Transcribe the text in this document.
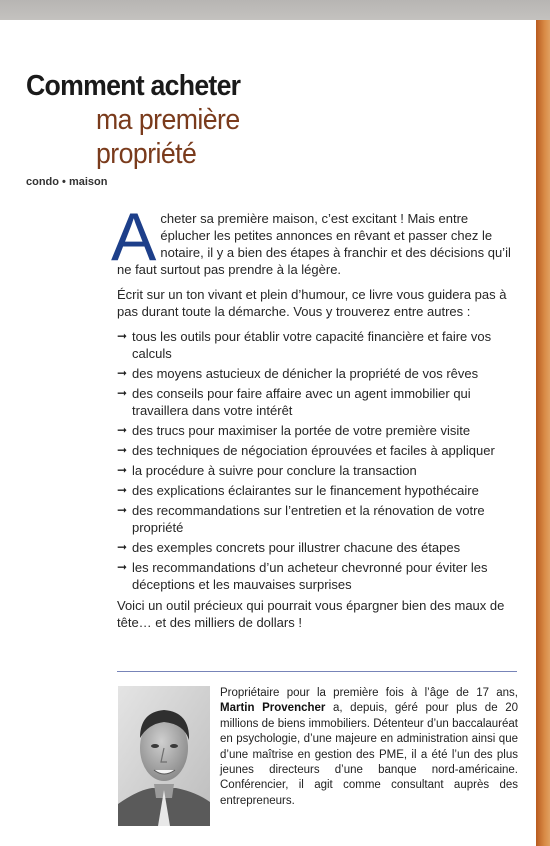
Comment acheter
ma première
propriété
condo • maison

Acheter sa première maison, c’est excitant ! Mais entre éplucher les petites annonces en rêvant et passer chez le notaire, il y a bien des étapes à franchir et des décisions qu’il ne faut surtout pas prendre à la légère.

Écrit sur un ton vivant et plein d’humour, ce livre vous guidera pas à pas durant toute la démarche. Vous y trouverez entre autres :

➞ tous les outils pour établir votre capacité financière et faire vos calculs
➞ des moyens astucieux de dénicher la propriété de vos rêves
➞ des conseils pour faire affaire avec un agent immobilier qui travaillera dans votre intérêt
➞ des trucs pour maximiser la portée de votre première visite
➞ des techniques de négociation éprouvées et faciles à appliquer
➞ la procédure à suivre pour conclure la transaction
➞ des explications éclairantes sur le financement hypothécaire
➞ des recommandations sur l’entretien et la rénovation de votre propriété
➞ des exemples concrets pour illustrer chacune des étapes
➞ les recommandations d’un acheteur chevronné pour éviter les déceptions et les mauvaises surprises

Voici un outil précieux qui pourrait vous épargner bien des maux de tête… et des milliers de dollars !

Propriétaire pour la première fois à l’âge de 17 ans, Martin Provencher a, depuis, géré pour plus de 20 millions de biens immobiliers. Détenteur d’un baccalauréat en psychologie, d’une majeure en administration ainsi que d’une maîtrise en gestion des PME, il a été l’un des plus jeunes directeurs d’une banque nord-américaine. Conférencier, il agit comme consultant auprès des entrepreneurs.
